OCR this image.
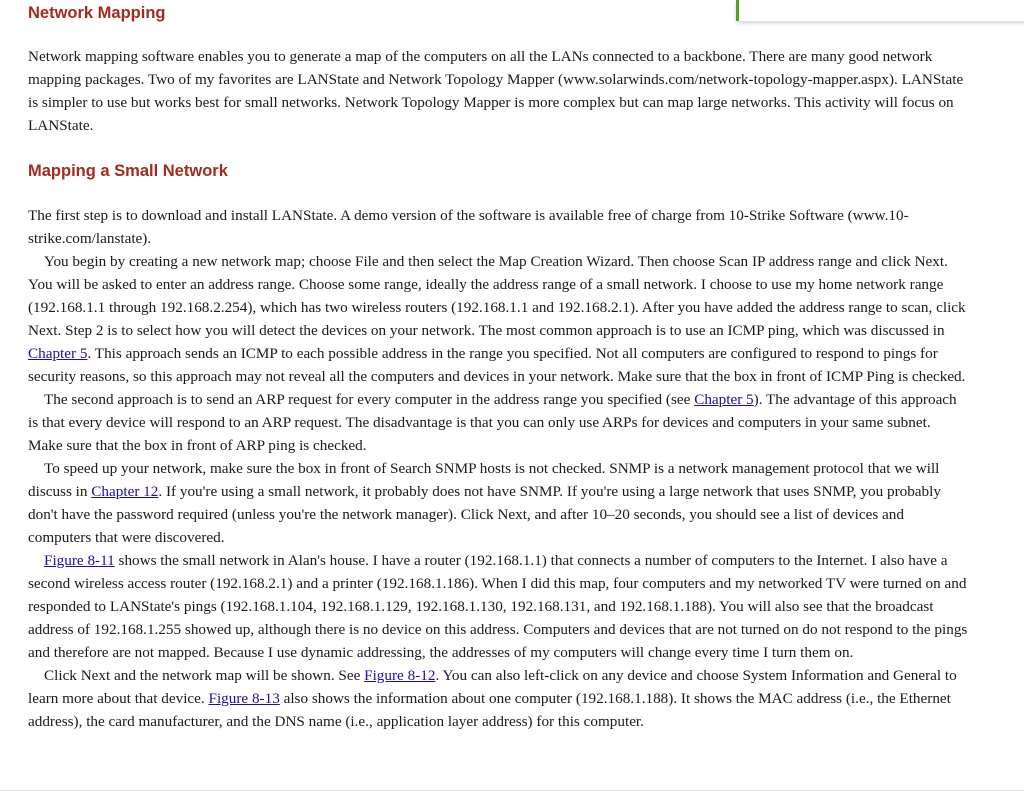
Network Mapping

Network mapping software enables you to generate a map of the computers on all the LANs connected to a backbone. There are many good network mapping packages. Two of my favorites are LANState and Network Topology Mapper (www.solarwinds.com/network-topology-mapper.aspx). LANState is simpler to use but works best for small networks. Network Topology Mapper is more complex but can map large networks. This activity will focus on LANState.

Mapping a Small Network

The first step is to download and install LANState. A demo version of the software is available free of charge from 10-Strike Software (www.10-strike.com/lanstate).

You begin by creating a new network map; choose File and then select the Map Creation Wizard. Then choose Scan IP address range and click Next. You will be asked to enter an address range. Choose some range, ideally the address range of a small network. I choose to use my home network range (192.168.1.1 through 192.168.2.254), which has two wireless routers (192.168.1.1 and 192.168.2.1). After you have added the address range to scan, click Next. Step 2 is to select how you will detect the devices on your network. The most common approach is to use an ICMP ping, which was discussed in Chapter 5. This approach sends an ICMP to each possible address in the range you specified. Not all computers are configured to respond to pings for security reasons, so this approach may not reveal all the computers and devices in your network. Make sure that the box in front of ICMP Ping is checked.

The second approach is to send an ARP request for every computer in the address range you specified (see Chapter 5). The advantage of this approach is that every device will respond to an ARP request. The disadvantage is that you can only use ARPs for devices and computers in your same subnet. Make sure that the box in front of ARP ping is checked.

To speed up your network, make sure the box in front of Search SNMP hosts is not checked. SNMP is a network management protocol that we will discuss in Chapter 12. If you're using a small network, it probably does not have SNMP. If you're using a large network that uses SNMP, you probably don't have the password required (unless you're the network manager). Click Next, and after 10–20 seconds, you should see a list of devices and computers that were discovered.

Figure 8-11 shows the small network in Alan's house. I have a router (192.168.1.1) that connects a number of computers to the Internet. I also have a second wireless access router (192.168.2.1) and a printer (192.168.1.186). When I did this map, four computers and my networked TV were turned on and responded to LANState's pings (192.168.1.104, 192.168.1.129, 192.168.1.130, 192.168.131, and 192.168.1.188). You will also see that the broadcast address of 192.168.1.255 showed up, although there is no device on this address. Computers and devices that are not turned on do not respond to the pings and therefore are not mapped. Because I use dynamic addressing, the addresses of my computers will change every time I turn them on.

Click Next and the network map will be shown. See Figure 8-12. You can also left-click on any device and choose System Information and General to learn more about that device. Figure 8-13 also shows the information about one computer (192.168.1.188). It shows the MAC address (i.e., the Ethernet address), the card manufacturer, and the DNS name (i.e., application layer address) for this computer.
